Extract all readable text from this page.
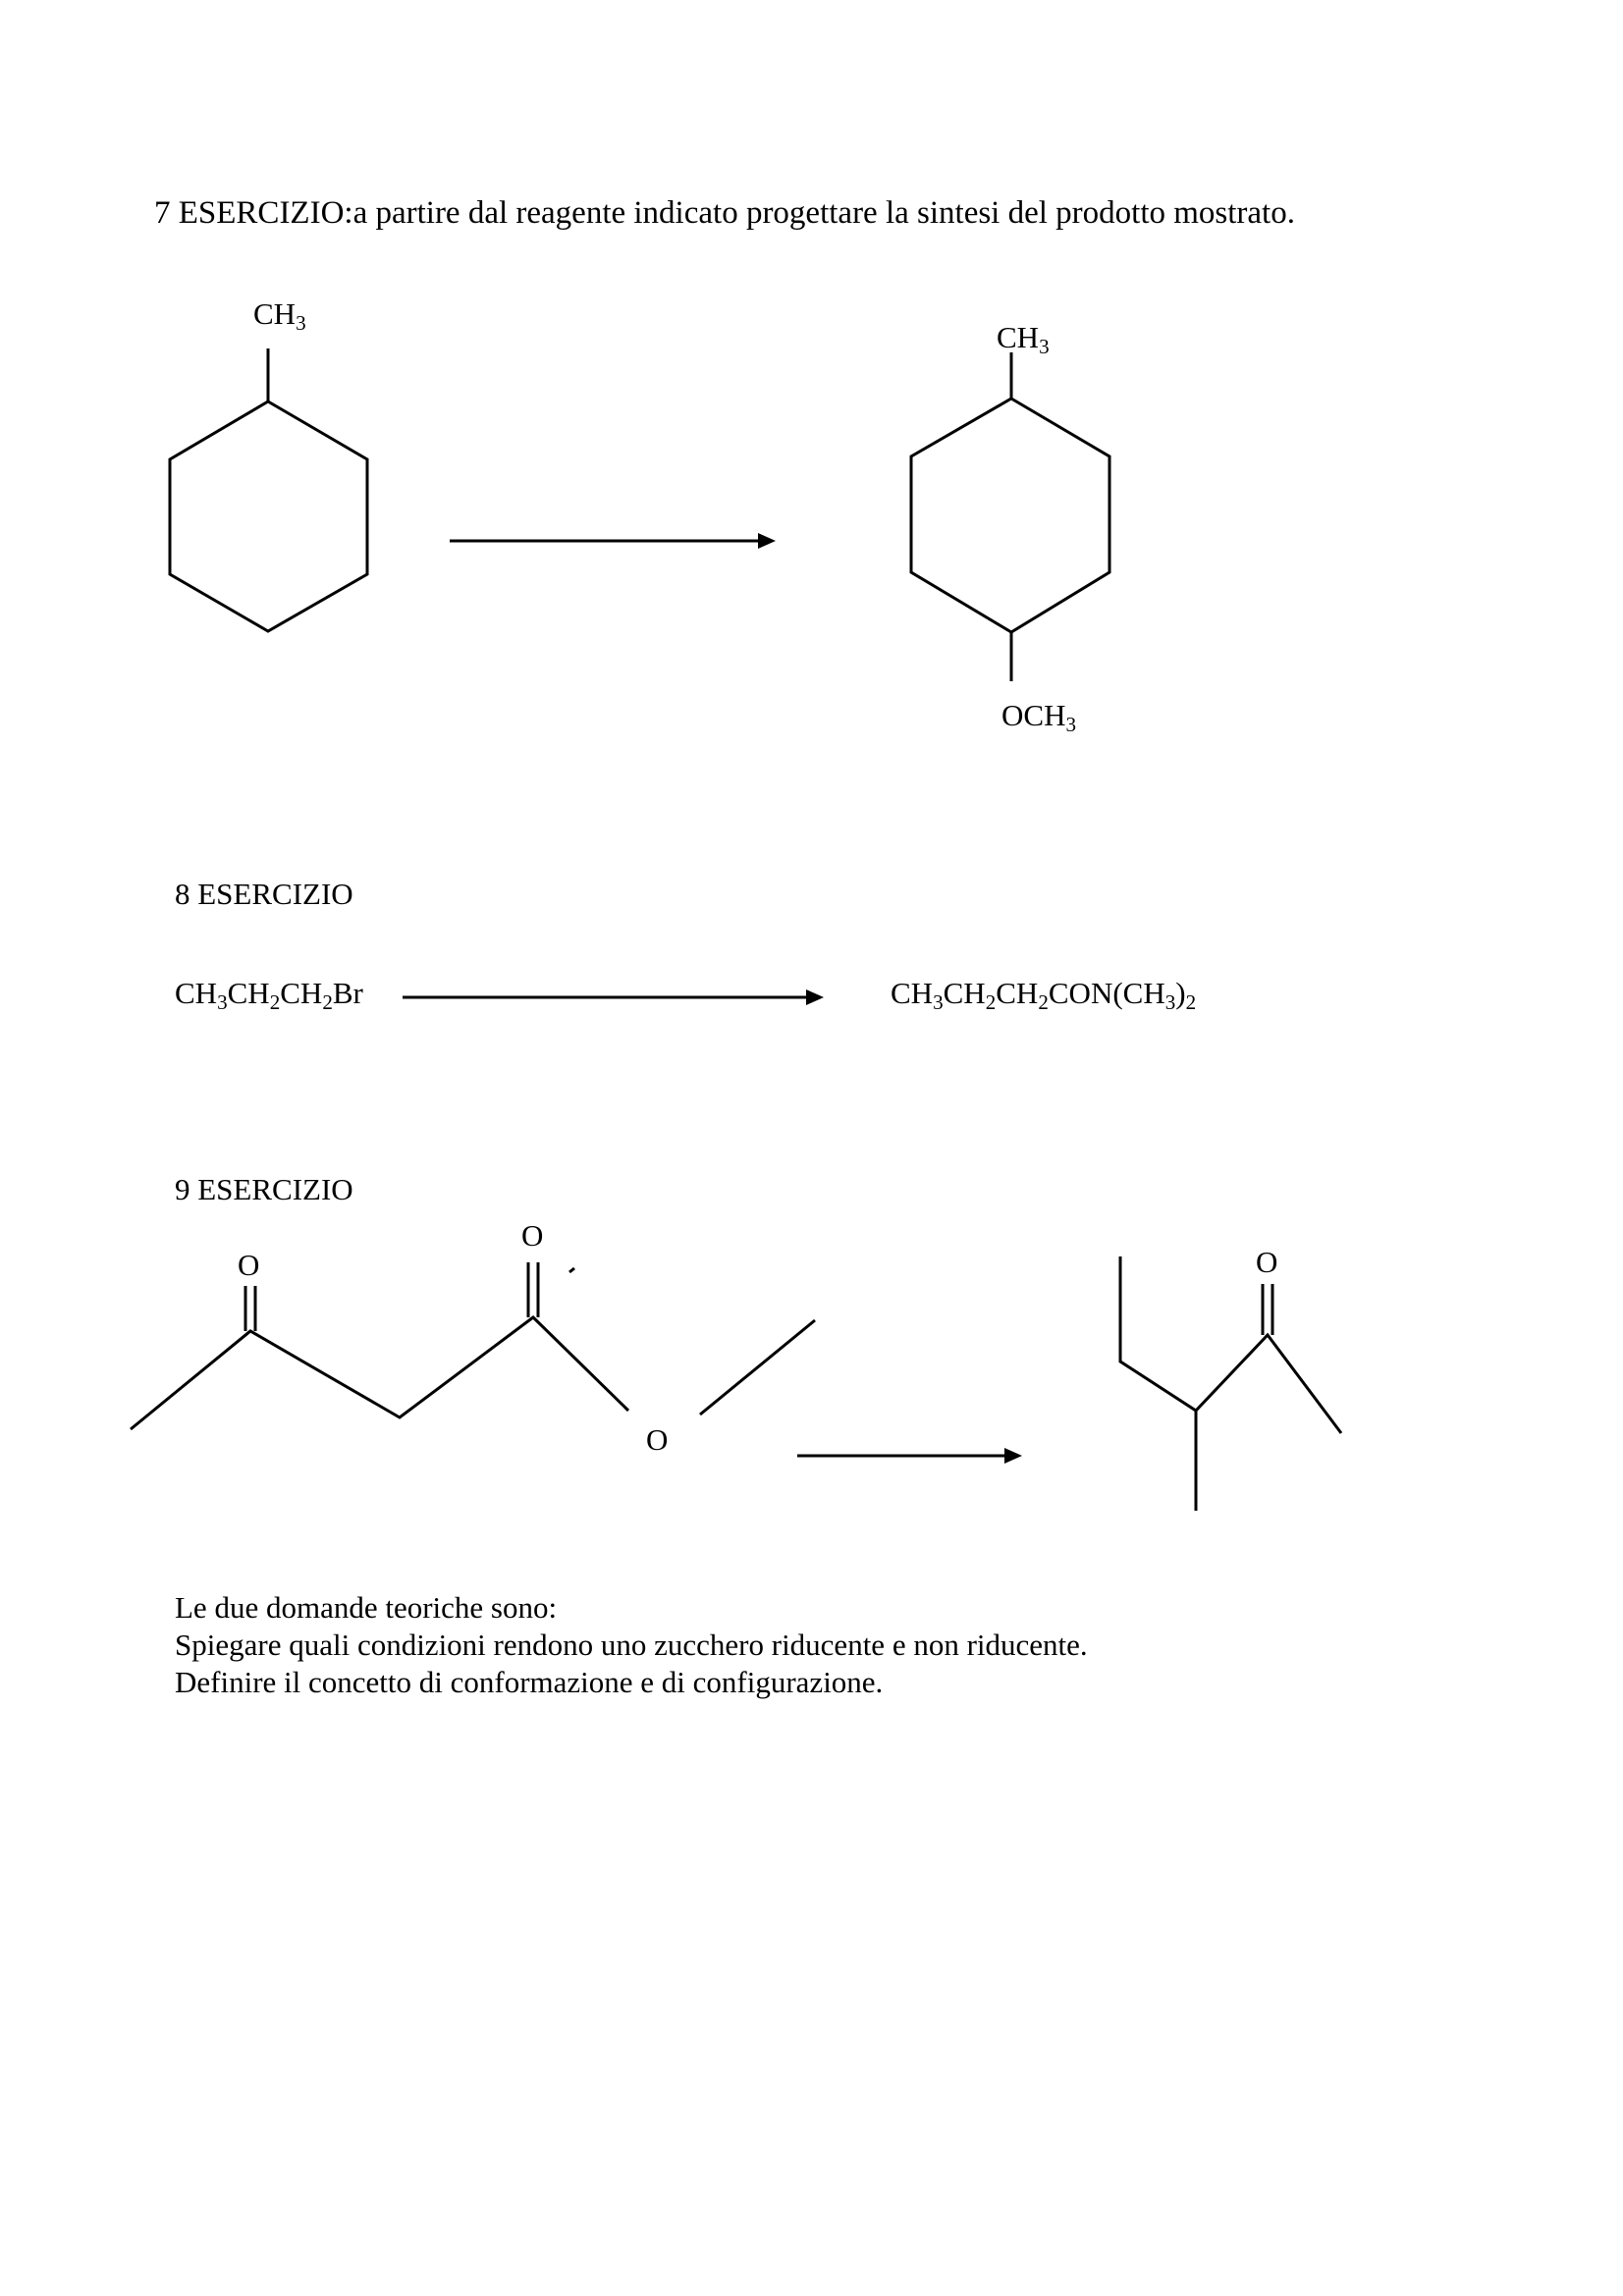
7 ESERCIZIO:a partire dal reagente indicato progettare la sintesi del prodotto mostrato.
$CH_3$	$CH_3$
$OCH_3$
8 ESERCIZIO
$CH_3CH_2CH_2Br$	$CH_3CH_2CH_2CON(CH_3)_2$
9 ESERCIZIO
O
O
O
O
Le due domande teoriche sono:
Spiegare quali condizioni rendono uno zucchero riducente e non riducente.
Definire il concetto di conformazione e di configurazione.
